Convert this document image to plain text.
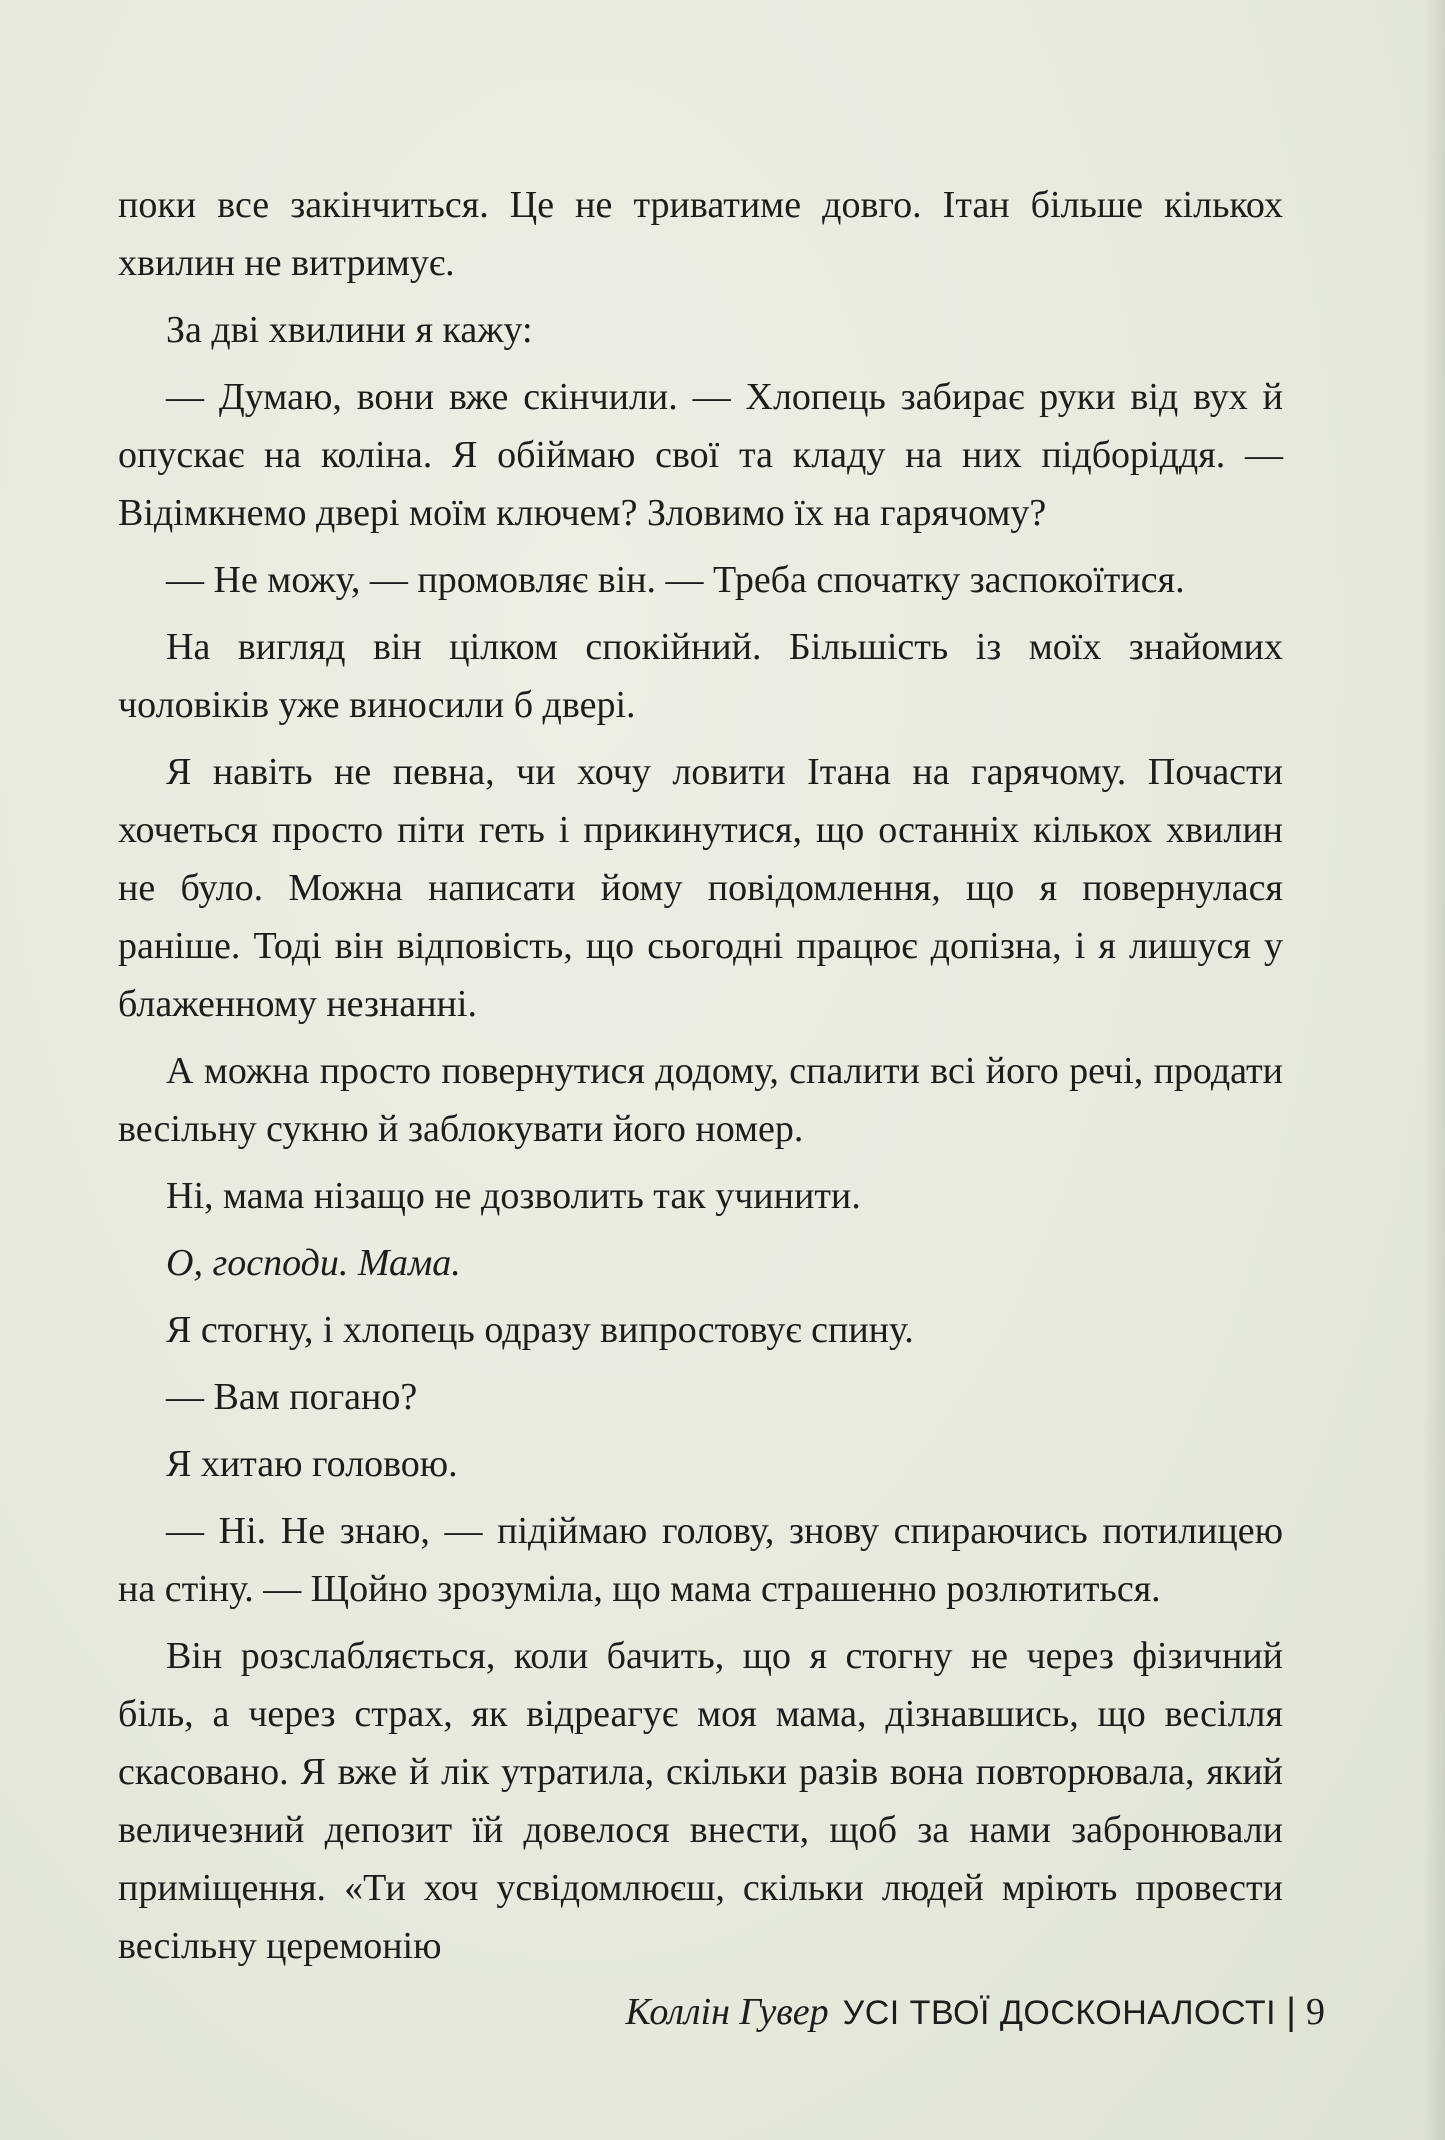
поки все закінчиться. Це не триватиме довго. Ітан більше кількох хвилин не витримує.

За дві хвилини я кажу:

— Думаю, вони вже скінчили. — Хлопець забирає руки від вух й опускає на коліна. Я обіймаю свої та кладу на них підборіддя. — Відімкнемо двері моїм ключем? Зловимо їх на гарячому?

— Не можу, — промовляє він. — Треба спочатку заспокоїтися.

На вигляд він цілком спокійний. Більшість із моїх знайомих чоловіків уже виносили б двері.

Я навіть не певна, чи хочу ловити Ітана на гарячому. Почасти хочеться просто піти геть і прикинутися, що останніх кількох хвилин не було. Можна написати йому повідомлення, що я повернулася раніше. Тоді він відповість, що сьогодні працює допізна, і я лишуся у блаженному незнанні.

А можна просто повернутися додому, спалити всі його речі, продати весільну сукню й заблокувати його номер.

Ні, мама нізащо не дозволить так учинити.

О, господи. Мама.

Я стогну, і хлопець одразу випростовує спину.

— Вам погано?

Я хитаю головою.

— Ні. Не знаю, — підіймаю голову, знову спираючись потилицею на стіну. — Щойно зрозуміла, що мама страшенно розлютиться.

Він розслабляється, коли бачить, що я стогну не через фізичний біль, а через страх, як відреагує моя мама, дізнавшись, що весілля скасовано. Я вже й лік утратила, скільки разів вона повторювала, який величезний депозит їй довелося внести, щоб за нами забронювали приміщення. «Ти хоч усвідомлюєш, скільки людей мріють провести весільну церемонію

Коллін Гувер УСІ ТВОЇ ДОСКОНАЛОСТІ | 9
